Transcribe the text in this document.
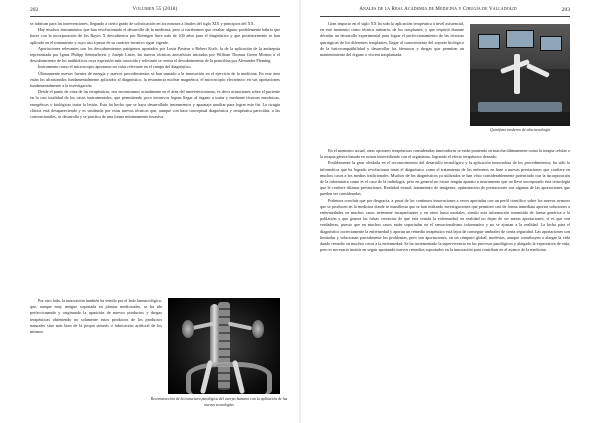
202	Volumen 55 (2018)

se fabrican para las intervenciones, llegando a cierto grado de sofisticación en los mismos a finales del siglo XIX y principios del XX.

Hay muchos instrumentos que han revolucionado el desarrollo de la medicina, pero si tuviéramos que resaltar alguno posiblemente habría que hacer con la incorporación de los Rayos X descubiertos por Roentgen hace más de 100 años para el diagnóstico y que posteriormente se han aplicado en el tratamiento y cuyo uso a pesar de su carácter invasivo sigue vigente.

Aportaciones relevantes son los descubrimientos patógenos aportados por Louis Pasteur o Robert Koch, la de la aplicación de la antisepsia representada por Ignaz Philipp Semmelweis y Joseph Lister, las nuevas técnicas anestésicas iniciadas por William Thomas Green Morton o el descubrimiento de los antibióticos cuya expresión más conocida y relevante se centra el descubrimiento de la penicilina por Alexander Fleming.

Instrumento como el microscopio aportaron un valor relevante en el campo del diagnóstico.

Últimamente nuevas fuentes de energía y nuevos procedimientos se han sumado a la innovación en el ejercicio de la medicina. En este área están los ultrasonidos fundamentalmente aplicados al diagnóstico, la resonancia nuclear magnética, el microscopio electrónico en sus aportaciones fundamentalmente a la investigación.

Desde el punto de vista de las terapéuticas, nos encontramos actualmente en el área del intervencionismo, es decir actuaciones sobre el paciente en la casi totalidad de los casos instrumentales, que permitiendo poco invasivos logran llegar al órgano a tratar y mediante técnicas mecánicas, energéticas o biológicas tratar la lesión. Esto ha hecho que se haya desarrollado instrumentos y aparataje auxiliar para lograr este fin. La cirugía clásica está desapareciendo y es sustituida por estas nuevas técnicas que, aunque con base conceptual diagnóstica y terapéutica parecidas, a las convencionales, se desarrolla y se practica de una forma mínimamente invasiva.

Por otro lado, la innovación también ha venido por el lado farmacológico, que, aunque muy antiguo soportada en plantas medicinales, se ha ido perfeccionando y originando la aparición de nuevos productos y drogas terapéuticas obteniendo no solamente estos productos de los productos naturales sino más bien de la propia síntesis o fabricación artificial de los mismos.

Reconstrucción de la estructura patológica del cuerpo humano con la aplicación de las nuevas tecnologías
Anales de la Real Academia de Medicina y Cirugía de Valladolid	203

Gran impacto en el siglo XX ha sido la aplicación terapéutica a nivel asistencial, en este momento como técnica rutinaria, de los trasplantes, y que requirió durante décadas un desarrollo experimental para lograr el perfeccionamiento de las técnicas quirúrgicas de los diferentes trasplantes, llegar al conocimiento del soporte biológico de la histocompatibilidad y desarrollar los fármacos y drogas que permiten un mantenimiento del órgano o víscera trasplantada.

Quirófano moderno de alta tecnología

En el momento actual, otras opciones terapéuticas consideradas innovadoras se están poniendo en marcha últimamente como la terapia celular o la terapia génica basada en actuar intercediendo con el organismo, logrando el efecto terapéutico deseado.

Posiblemente la gran olvidada en el reconocimiento del desarrollo tecnológico y la aplicación innovadora de los procedimientos, ha sido la informática que ha logrado revolucionar tanto el diagnóstico como el tratamiento de los enfermos en base a nuevas prestaciones que confiere en muchos casos a los medios tradicionales. Muchos de los diagnósticos ya utilizados se han visto considerablemente potenciado con la incorporación de la informática como es el caso de la radiología, pero en general no existe ningún aparato o instrumento que no lleve incorporado esta tecnología que le confiere últimas prestaciones. Realidad virtual, tratamiento de imágenes, optimización de prestaciones son algunas de las aportaciones que pueden ser consideradas.

Podemos concluir que por desgracia, a pesar de los continuos innovaciones a veces aportadas con un perfil científico sobre los nuevos avances que se producen en la medicina donde se manifiesta que se han realizado investigaciones que permiten casi de forma inmediata aportar soluciones a enfermedades en muchos casos irremente incapacitantes y en otros hasta mortales, siendo esta información trasmitida de forma genérica a la población y que genera las falsas creencias de que esta venida la enfermedad, en realidad no dejan de ser meras aportaciones, si es que son verdaderas, puesto que en muchos casos están soportadas en el sensacionalismo informativo y no se ajustan a la realidad. La lucha para el diagnóstico correctamente la enfermedad y aportar un remedio terapéutico está lejos de conseguir umbrales de cierta seguridad. Las aportaciones son limitadas y solucionan parcialmente los problemas, pero son aportaciones, en un cómputo global, modestas, aunque contribuyen a alargar la vida dando remedio en muchos casos a la enfermedad. Se ha incrementado la supervivencia en los procesos patológicos y alargado la expectativa de vida, pero es necesario insistir en seguir aportando nuevos remedios soportados en la innovación para contribuir en el avance de la medicina.
